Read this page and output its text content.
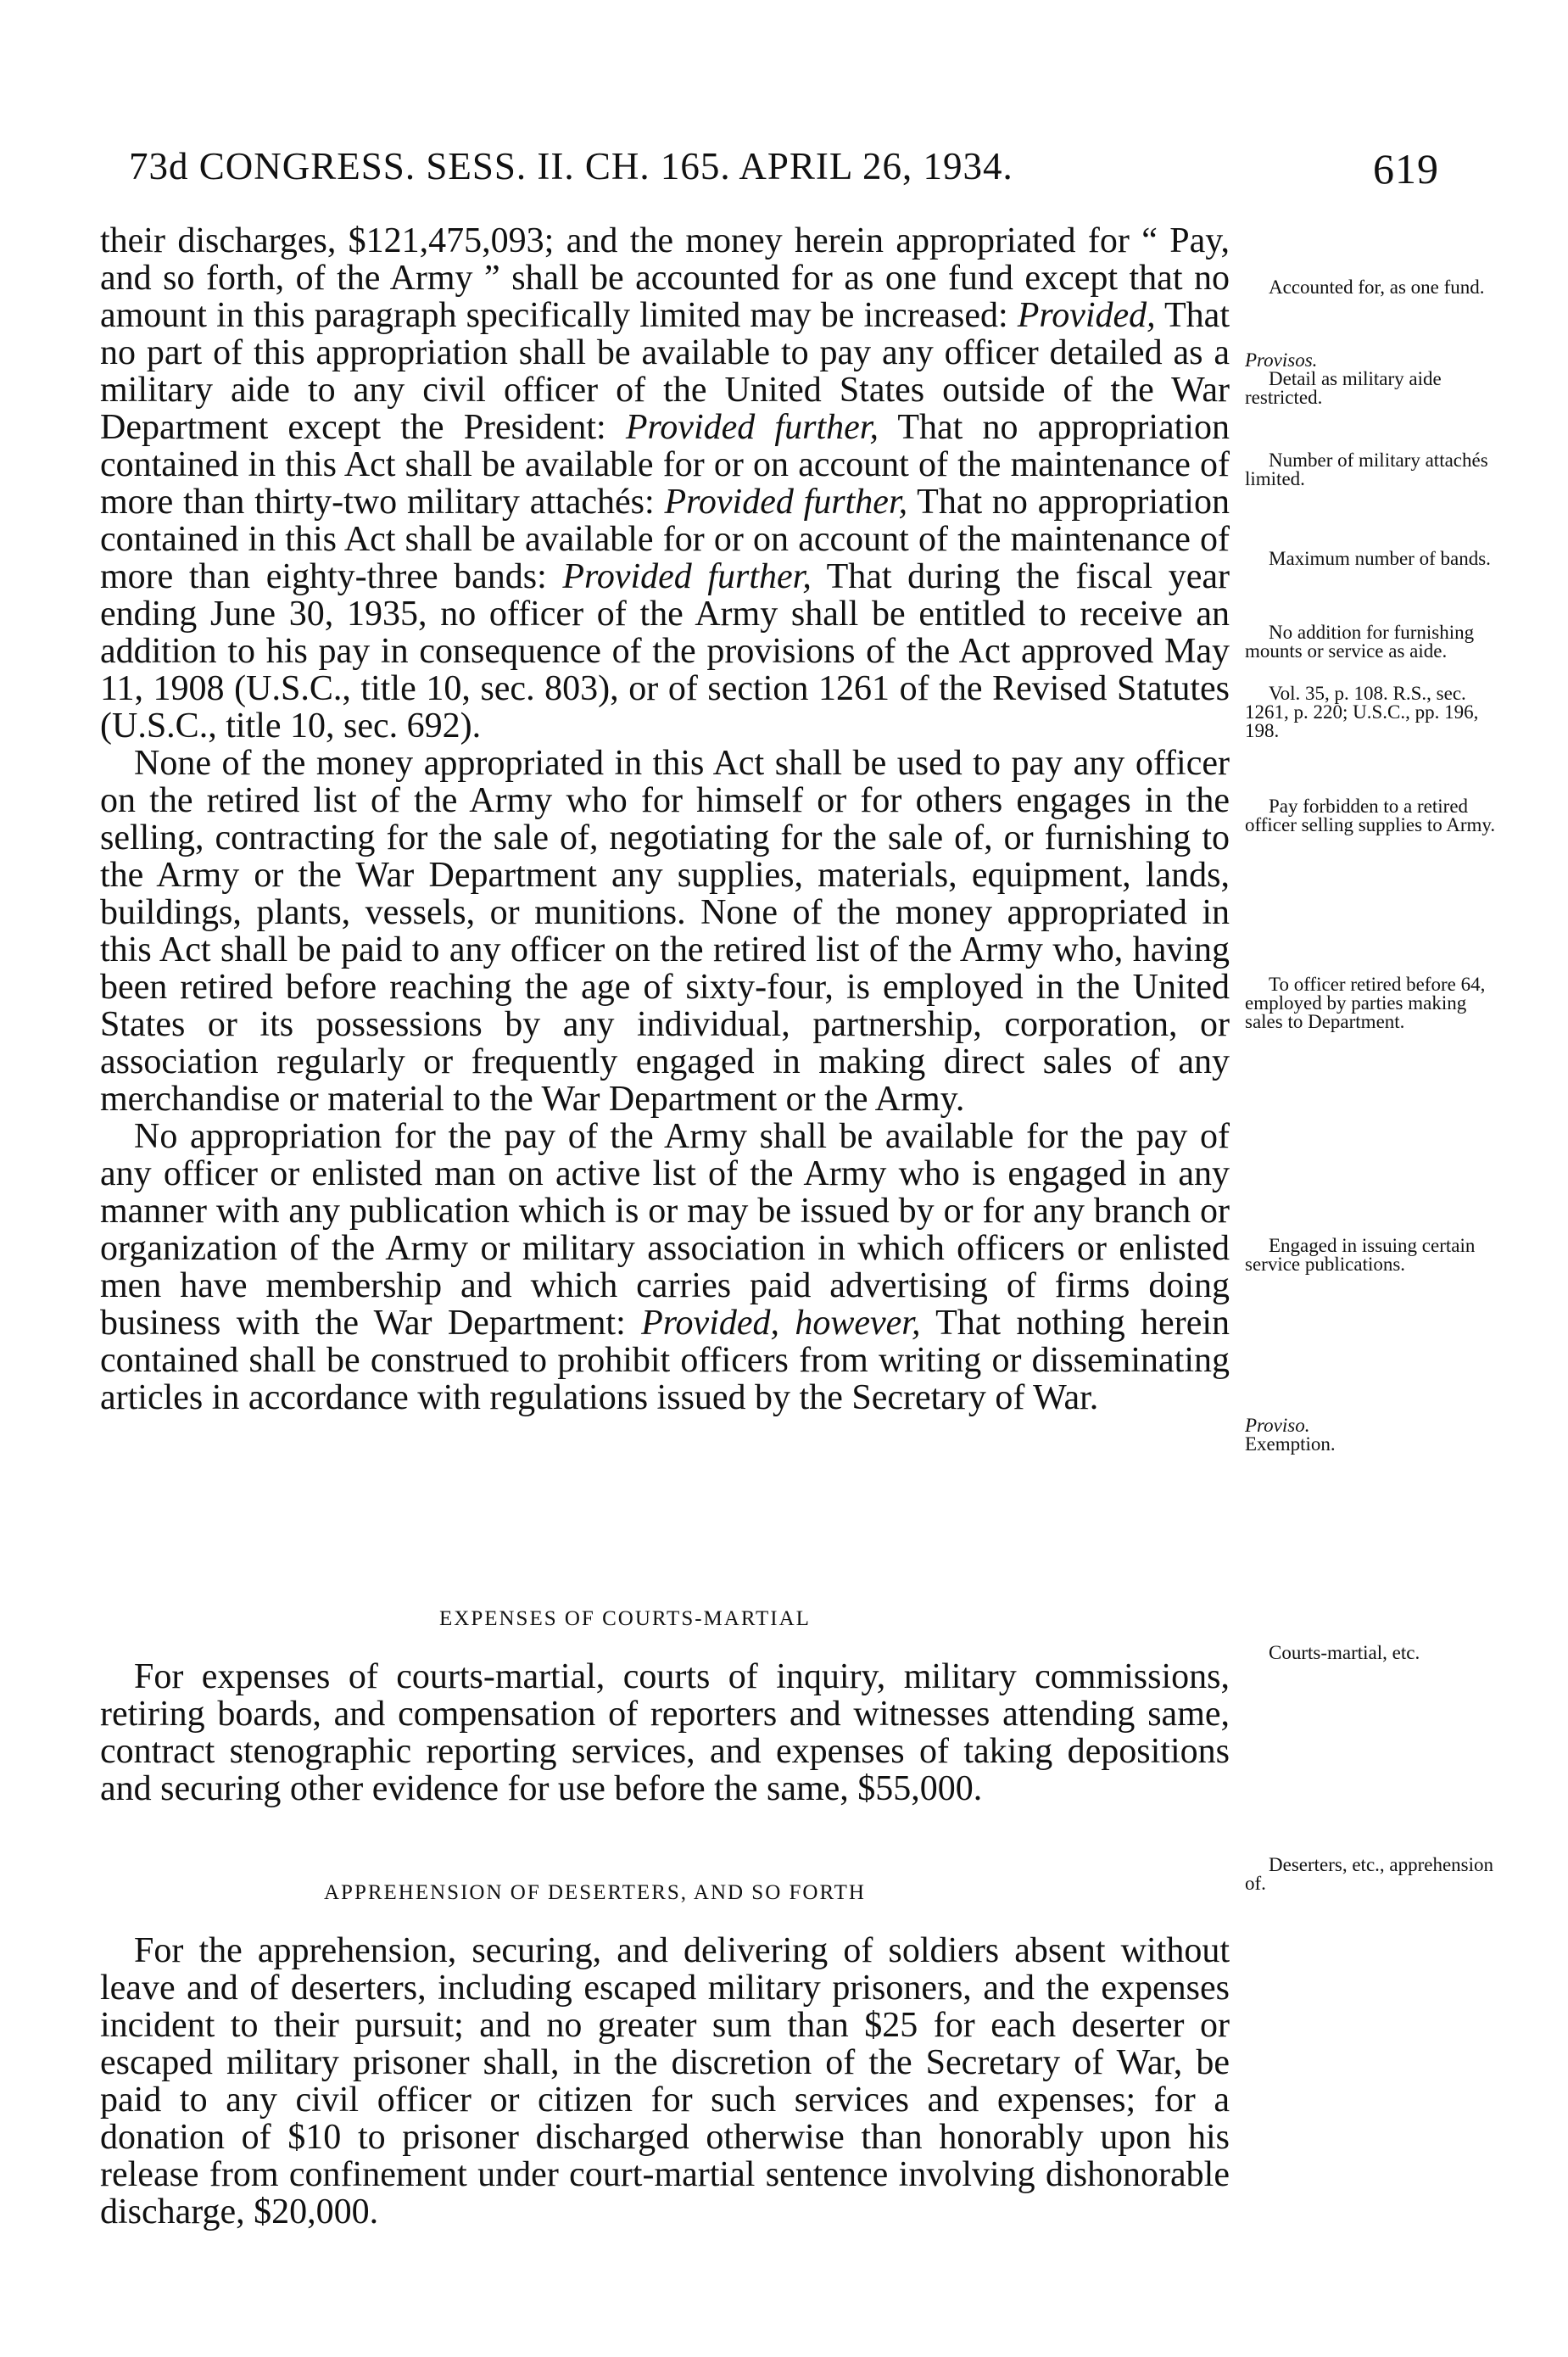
73d CONGRESS. SESS. II. CH. 165. APRIL 26, 1934.	619

their discharges, $121,475,093; and the money herein appropriated for “ Pay, and so forth, of the Army ” shall be accounted for as one fund except that no amount in this paragraph specifically limited may be increased: Provided, That no part of this appropriation shall be available to pay any officer detailed as a military aide to any civil officer of the United States outside of the War Department except the President: Provided further, That no appropriation contained in this Act shall be available for or on account of the maintenance of more than thirty-two military attachés: Provided further, That no appropriation contained in this Act shall be available for or on account of the maintenance of more than eighty-three bands: Provided further, That during the fiscal year ending June 30, 1935, no officer of the Army shall be entitled to receive an addition to his pay in consequence of the provisions of the Act approved May 11, 1908 (U.S.C., title 10, sec. 803), or of section 1261 of the Revised Statutes (U.S.C., title 10, sec. 692).

None of the money appropriated in this Act shall be used to pay any officer on the retired list of the Army who for himself or for others engages in the selling, contracting for the sale of, negotiating for the sale of, or furnishing to the Army or the War Department any supplies, materials, equipment, lands, buildings, plants, vessels, or munitions. None of the money appropriated in this Act shall be paid to any officer on the retired list of the Army who, having been retired before reaching the age of sixty-four, is employed in the United States or its possessions by any individual, partnership, corporation, or association regularly or frequently engaged in making direct sales of any merchandise or material to the War Department or the Army.

No appropriation for the pay of the Army shall be available for the pay of any officer or enlisted man on active list of the Army who is engaged in any manner with any publication which is or may be issued by or for any branch or organization of the Army or military association in which officers or enlisted men have membership and which carries paid advertising of firms doing business with the War Department: Provided, however, That nothing herein contained shall be construed to prohibit officers from writing or disseminating articles in accordance with regulations issued by the Secretary of War.

EXPENSES OF COURTS-MARTIAL

For expenses of courts-martial, courts of inquiry, military commissions, retiring boards, and compensation of reporters and witnesses attending same, contract stenographic reporting services, and expenses of taking depositions and securing other evidence for use before the same, $55,000.

APPREHENSION OF DESERTERS, AND SO FORTH

For the apprehension, securing, and delivering of soldiers absent without leave and of deserters, including escaped military prisoners, and the expenses incident to their pursuit; and no greater sum than $25 for each deserter or escaped military prisoner shall, in the discretion of the Secretary of War, be paid to any civil officer or citizen for such services and expenses; for a donation of $10 to prisoner discharged otherwise than honorably upon his release from confinement under court-martial sentence involving dishonorable discharge, $20,000.

Accounted for, as one fund.
Provisos.
Detail as military aide restricted.
Number of military attachés limited.
Maximum number of bands.
No addition for furnishing mounts or service as aide.
Vol. 35, p. 108. R.S., sec. 1261, p. 220; U.S.C., pp. 196, 198.
Pay forbidden to a retired officer selling supplies to Army.
To officer retired before 64, employed by parties making sales to Department.
Engaged in issuing certain service publications.
Proviso.
Exemption.
Courts-martial, etc.
Deserters, etc., apprehension of.
